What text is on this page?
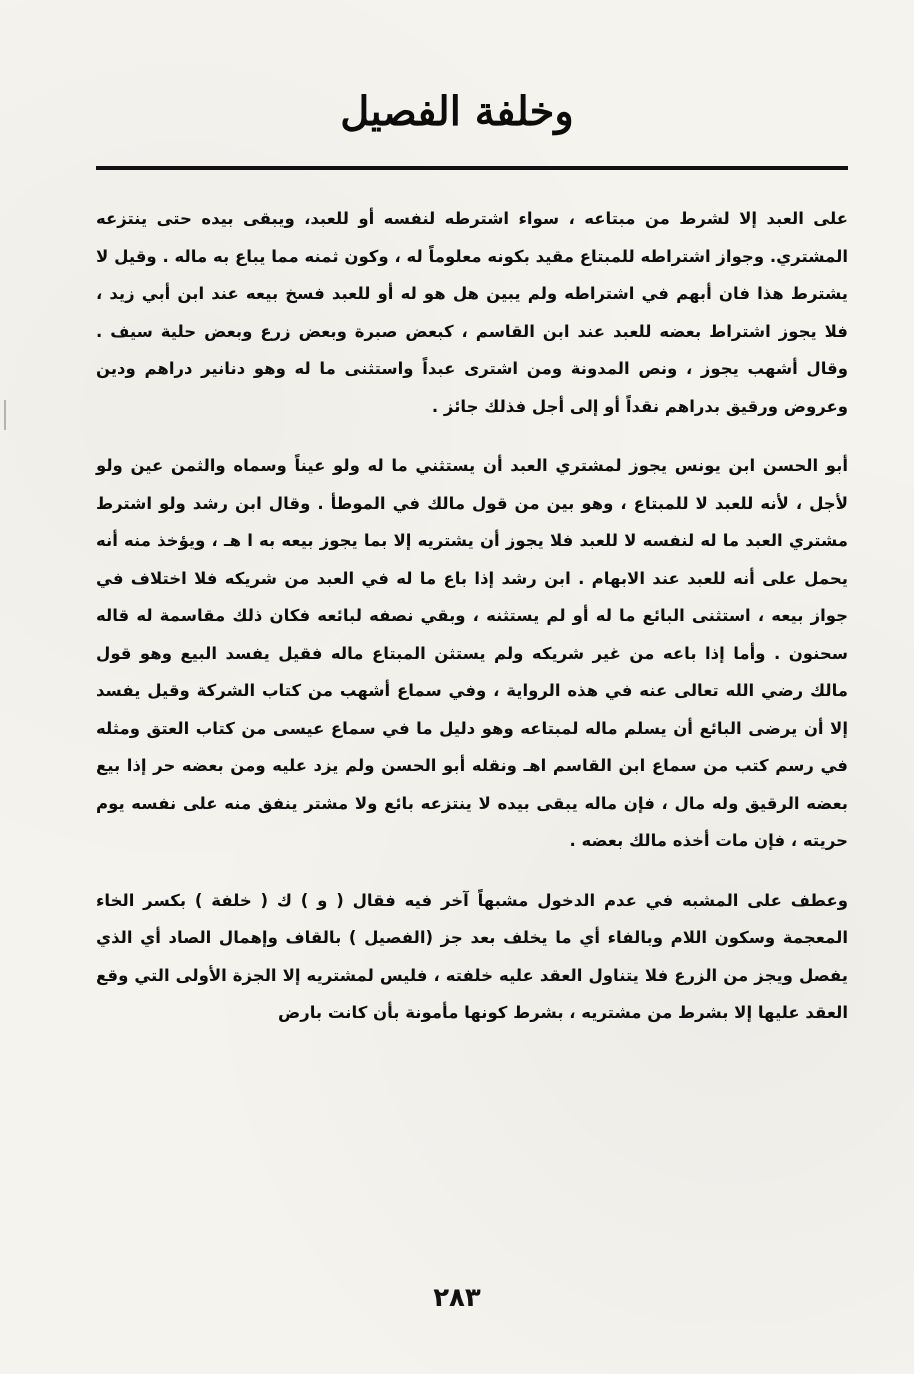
وخلفة الفصيل

على العبد إلا لشرط من مبتاعه ، سواء اشترطه لنفسه أو للعبد، ويبقى بيده حتى ينتزعه المشتري. وجواز اشتراطه للمبتاع مقيد بكونه معلوماً له ، وكون ثمنه مما يباع به ماله . وقيل لا يشترط هذا فان أبهم في اشتراطه ولم يبين هل هو له أو للعبد فسخ بيعه عند ابن أبي زيد ، فلا يجوز اشتراط بعضه للعبد عند ابن القاسم ، كبعض صبرة وبعض زرع وبعض حلية سيف . وقال أشهب يجوز ، ونص المدونة ومن اشترى عبداً واستثنى ما له وهو دنانير دراهم ودين وعروض ورقيق بدراهم نقداً أو إلى أجل فذلك جائز .

أبو الحسن ابن يونس يجوز لمشتري العبد أن يستثني ما له ولو عيناً وسماه والثمن عين ولو لأجل ، لأنه للعبد لا للمبتاع ، وهو بين من قول مالك في الموطأ . وقال ابن رشد ولو اشترط مشتري العبد ما له لنفسه لا للعبد فلا يجوز أن يشتريه إلا بما يجوز بيعه به ا هـ ، ويؤخذ منه أنه يحمل على أنه للعبد عند الابهام . ابن رشد إذا باع ما له في العبد من شريكه فلا اختلاف في جواز بيعه ، استثنى البائع ما له أو لم يستثنه ، وبقي نصفه لبائعه فكان ذلك مقاسمة له قاله سحنون . وأما إذا باعه من غير شريكه ولم يستثن المبتاع ماله فقيل يفسد البيع وهو قول مالك رضي الله تعالى عنه في هذه الرواية ، وفي سماع أشهب من كتاب الشركة وقيل يفسد إلا أن يرضى البائع أن يسلم ماله لمبتاعه وهو دليل ما في سماع عيسى من كتاب العتق ومثله في رسم كتب من سماع ابن القاسم اهـ ونقله أبو الحسن ولم يزد عليه ومن بعضه حر إذا بيع بعضه الرقيق وله مال ، فإن ماله يبقى بيده لا ينتزعه بائع ولا مشتر ينفق منه على نفسه يوم حريته ، فإن مات أخذه مالك بعضه .

وعطف على المشبه في عدم الدخول مشبهاً آخر فيه فقال ( و ) ك ( خلفة ) بكسر الخاء المعجمة وسكون اللام وبالفاء أي ما يخلف بعد جز (الفصيل ) بالقاف وإهمال الصاد أي الذي يفصل ويجز من الزرع فلا يتناول العقد عليه خلفته ، فليس لمشتريه إلا الجزة الأولى التي وقع العقد عليها إلا بشرط من مشتريه ، بشرط كونها مأمونة بأن كانت بارض

٢٨٣
